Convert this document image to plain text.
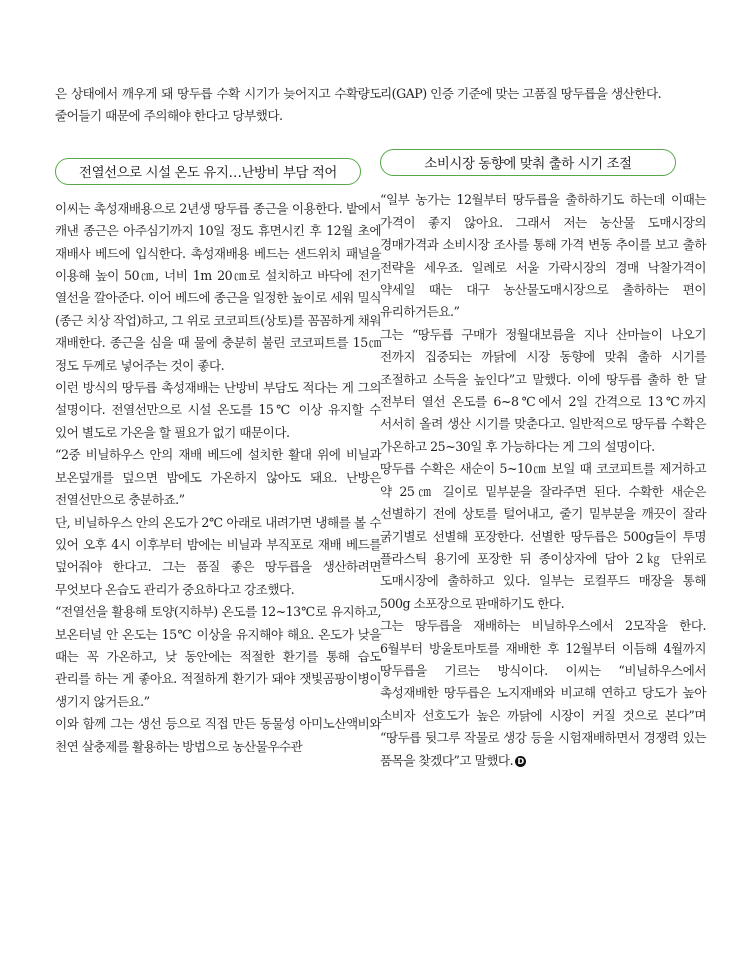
은 상태에서 깨우게 돼 땅두릅 수확 시기가 늦어지고 수확량도 줄어들기 때문에 주의해야 한다고 당부했다.

전열선으로 시설 온도 유지…난방비 부담 적어

이씨는 촉성재배용으로 2년생 땅두릅 종근을 이용한다. 밭에서 캐낸 종근은 아주심기까지 10일 정도 휴면시킨 후 12월 초에 재배사 베드에 입식한다. 촉성재배용 베드는 샌드위치 패널을 이용해 높이 50㎝, 너비 1m 20㎝로 설치하고 바닥에 전기 열선을 깔아준다. 이어 베드에 종근을 일정한 높이로 세워 밀식(종근 치상 작업)하고, 그 위로 코코피트(상토)를 꼼꼼하게 채워 재배한다. 종근을 심을 때 물에 충분히 불린 코코피트를 15㎝ 정도 두께로 넣어주는 것이 좋다.

이런 방식의 땅두릅 촉성재배는 난방비 부담도 적다는 게 그의 설명이다. 전열선만으로 시설 온도를 15℃ 이상 유지할 수 있어 별도로 가온을 할 필요가 없기 때문이다.

“2중 비닐하우스 안의 재배 베드에 설치한 활대 위에 비닐과 보온덮개를 덮으면 밤에도 가온하지 않아도 돼요. 난방은 전열선만으로 충분하죠.”

단, 비닐하우스 안의 온도가 2℃ 아래로 내려가면 냉해를 볼 수 있어 오후 4시 이후부터 밤에는 비닐과 부직포로 재배 베드를 덮어줘야 한다고. 그는 품질 좋은 땅두릅을 생산하려면 무엇보다 온습도 관리가 중요하다고 강조했다.

“전열선을 활용해 토양(지하부) 온도를 12~13℃로 유지하고, 보온터널 안 온도는 15℃ 이상을 유지해야 해요. 온도가 낮을 때는 꼭 가온하고, 낮 동안에는 적절한 환기를 통해 습도 관리를 하는 게 좋아요. 적절하게 환기가 돼야 잿빛곰팡이병이 생기지 않거든요.”

이와 함께 그는 생선 등으로 직접 만든 동물성 아미노산액비와 천연 살충제를 활용하는 방법으로 농산물우수관

리(GAP) 인증 기준에 맞는 고품질 땅두릅을 생산한다.

소비시장 동향에 맞춰 출하 시기 조절

“일부 농가는 12월부터 땅두릅을 출하하기도 하는데 이때는 가격이 좋지 않아요. 그래서 저는 농산물 도매시장의 경매가격과 소비시장 조사를 통해 가격 변동 추이를 보고 출하 전략을 세우죠. 일례로 서울 가락시장의 경매 낙찰가격이 약세일 때는 대구 농산물도매시장으로 출하하는 편이 유리하거든요.”

그는 “땅두릅 구매가 정월대보름을 지나 산마늘이 나오기 전까지 집중되는 까닭에 시장 동향에 맞춰 출하 시기를 조절하고 소득을 높인다”고 말했다. 이에 땅두릅 출하 한 달 전부터 열선 온도를 6~8℃에서 2일 간격으로 13℃까지 서서히 올려 생산 시기를 맞춘다고. 일반적으로 땅두릅 수확은 가온하고 25~30일 후 가능하다는 게 그의 설명이다.

땅두릅 수확은 새순이 5~10㎝ 보일 때 코코피트를 제거하고 약 25㎝ 길이로 밑부분을 잘라주면 된다. 수확한 새순은 선별하기 전에 상토를 털어내고, 줄기 밑부분을 깨끗이 잘라 굵기별로 선별해 포장한다. 선별한 땅두릅은 500g들이 투명 플라스틱 용기에 포장한 뒤 종이상자에 담아 2㎏ 단위로 도매시장에 출하하고 있다. 일부는 로컬푸드 매장을 통해 500g 소포장으로 판매하기도 한다.

그는 땅두릅을 재배하는 비닐하우스에서 2모작을 한다. 6월부터 방울토마토를 재배한 후 12월부터 이듬해 4월까지 땅두릅을 기르는 방식이다. 이씨는 “비닐하우스에서 촉성재배한 땅두릅은 노지재배와 비교해 연하고 당도가 높아 소비자 선호도가 높은 까닭에 시장이 커질 것으로 본다”며 “땅두릅 뒷그루 작물로 생강 등을 시험재배하면서 경쟁력 있는 품목을 찾겠다”고 말했다. D
